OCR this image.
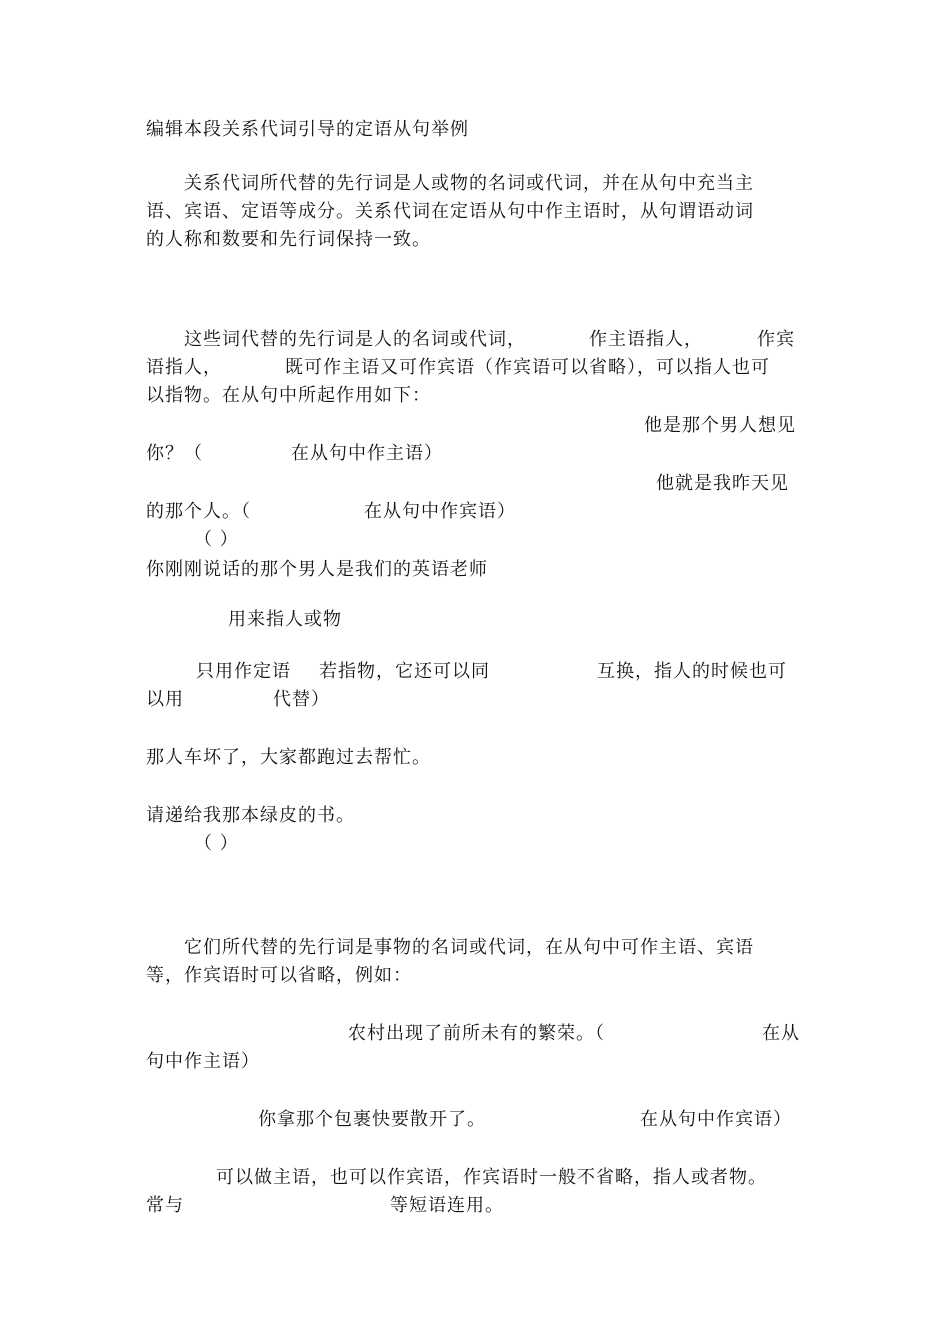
编辑本段关系代词引导的定语从句举例
关系代词所代替的先行词是人或物的名词或代词，并在从句中充当主
语、宾语、定语等成分。关系代词在定语从句中作主语时，从句谓语动词
的人称和数要和先行词保持一致。
这些词代替的先行词是人的名词或代词，	作主语指人，	作宾
语指人，	既可作主语又可作宾语（作宾语可以省略），可以指人也可
以指物。在从句中所起作用如下：
他是那个男人想见
你？（	在从句中作主语）
他就是我昨天见
的那个人。（	在从句中作宾语）
（ ）
你刚刚说话的那个男人是我们的英语老师
用来指人或物
只用作定语 若指物，它还可以同	互换，指人的时候也可
以用	代替）
那人车坏了，大家都跑过去帮忙。
请递给我那本绿皮的书。
（ ）
它们所代替的先行词是事物的名词或代词，在从句中可作主语、宾语
等，作宾语时可以省略，例如：
农村出现了前所未有的繁荣。（	在从
句中作主语）
你拿那个包裹快要散开了。	在从句中作宾语）
可以做主语，也可以作宾语，作宾语时一般不省略，指人或者物。
常与	等短语连用。
